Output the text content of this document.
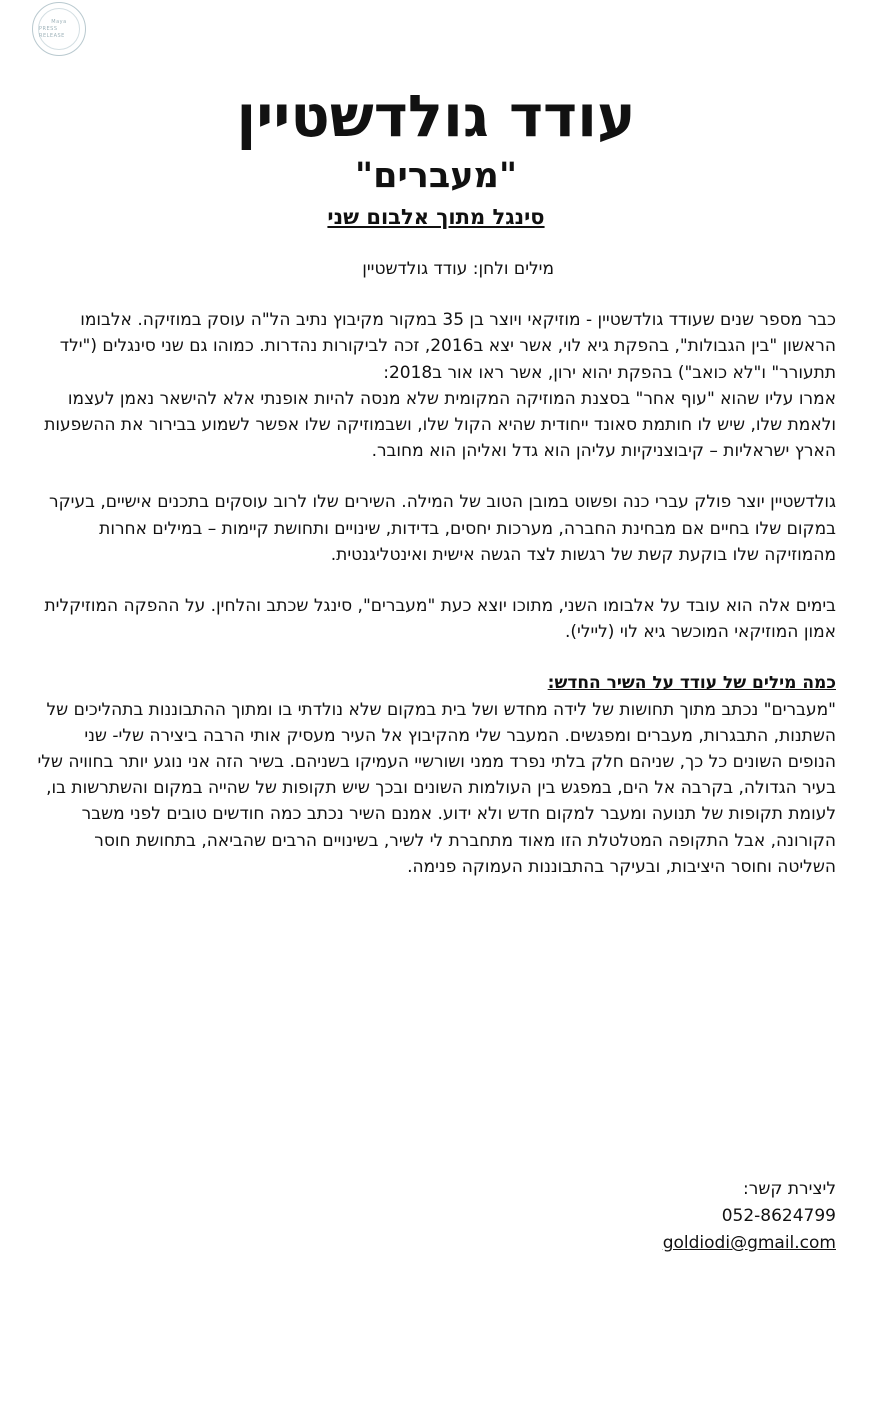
Maya
PRESS RELEASE
עודד גולדשטיין
"מעברים"
סינגל מתוך אלבום שני

מילים ולחן: עודד גולדשטיין

כבר מספר שנים שעודד גולדשטיין - מוזיקאי ויוצר בן 35 במקור מקיבוץ נתיב הל"ה עוסק במוזיקה. אלבומו הראשון "בין הגבולות", בהפקת גיא לוי, אשר יצא ב2016, זכה לביקורות נהדרות. כמוהו גם שני סינגלים ("ילד תתעורר" ו"לא כואב") בהפקת יהוא ירון, אשר ראו אור ב2018:

אמרו עליו שהוא "עוף אחר" בסצנת המוזיקה המקומית שלא מנסה להיות אופנתי אלא להישאר נאמן לעצמו ולאמת שלו, שיש לו חותמת סאונד ייחודית שהיא הקול שלו, ושבמוזיקה שלו אפשר לשמוע בבירור את ההשפעות הארץ ישראליות – קיבוצניקיות עליהן הוא גדל ואליהן הוא מחובר.

גולדשטיין יוצר פולק עברי כנה ופשוט במובן הטוב של המילה. השירים שלו לרוב עוסקים בתכנים אישיים, בעיקר במקום שלו בחיים אם מבחינת החברה, מערכות יחסים, בדידות, שינויים ותחושת קיימות – במילים אחרות מהמוזיקה שלו בוקעת קשת של רגשות לצד הגשה אישית ואינטליגנטית.

בימים אלה הוא עובד על אלבומו השני, מתוכו יוצא כעת "מעברים", סינגל שכתב והלחין. על ההפקה המוזיקלית אמון המוזיקאי המוכשר גיא לוי (ליילי).

כמה מילים של עודד על השיר החדש:

"מעברים" נכתב מתוך תחושות של לידה מחדש ושל בית במקום שלא נולדתי בו ומתוך ההתבוננות בתהליכים של השתנות, התבגרות, מעברים ומפגשים. המעבר שלי מהקיבוץ אל העיר מעסיק אותי הרבה ביצירה שלי- שני הנופים השונים כל כך, שניהם חלק בלתי נפרד ממני ושורשיי העמיקו בשניהם. בשיר הזה אני נוגע יותר בחוויה שלי בעיר הגדולה, בקרבה אל הים, במפגש בין העולמות השונים ובכך שיש תקופות של שהייה במקום והשתרשות בו, לעומת תקופות של תנועה ומעבר למקום חדש ולא ידוע. אמנם השיר נכתב כמה חודשים טובים לפני משבר הקורונה, אבל התקופה המטלטלת הזו מאוד מתחברת לי לשיר, בשינויים הרבים שהביאה, בתחושת חוסר השליטה וחוסר היציבות, ובעיקר בהתבוננות העמוקה פנימה.

ליצירת קשר:
052-8624799
goldiodi@gmail.com
